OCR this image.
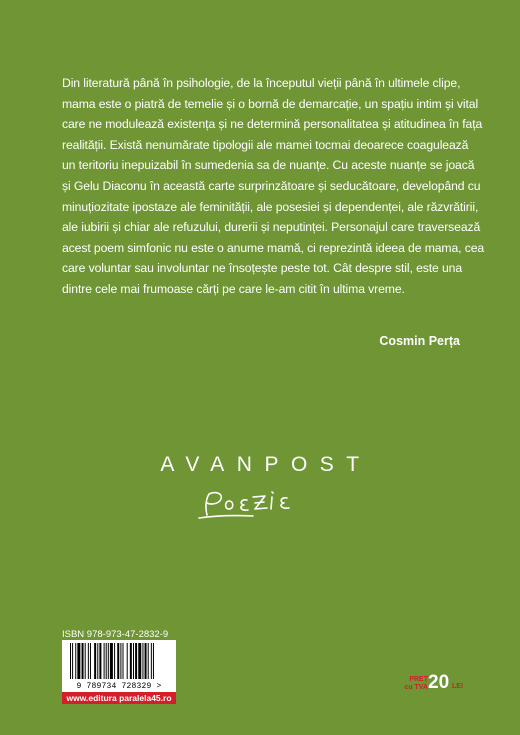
Din literatură până în psihologie, de la începutul vieții până în ultimele clipe,
mama este o piatră de temelie și o bornă de demarcație, un spațiu intim și vital
care ne modulează existența și ne determină personalitatea și atitudinea în fața
realității. Există nenumărate tipologii ale mamei tocmai deoarece coagulează
un teritoriu inepuizabil în sumedenia sa de nuanțe. Cu aceste nuanțe se joacă
și Gelu Diaconu în această carte surprinzătoare și seducătoare, developând cu
minuțiozitate ipostaze ale feminității, ale posesiei și dependenței, ale răzvrătirii,
ale iubirii și chiar ale refuzului, durerii și neputinței. Personajul care traversează
acest poem simfonic nu este o anume mamă, ci reprezintă ideea de mama, cea
care voluntar sau involuntar ne însoțește peste tot. Cât despre stil, este una
dintre cele mai frumoase cărți pe care le-am citit în ultima vreme.
Cosmin Perța
AVANPOST
ISBN 978-973-47-2832-9
9 789734 728329 >
www.editura paralela45.ro
PREȚ
cu TVA 20 LEI
